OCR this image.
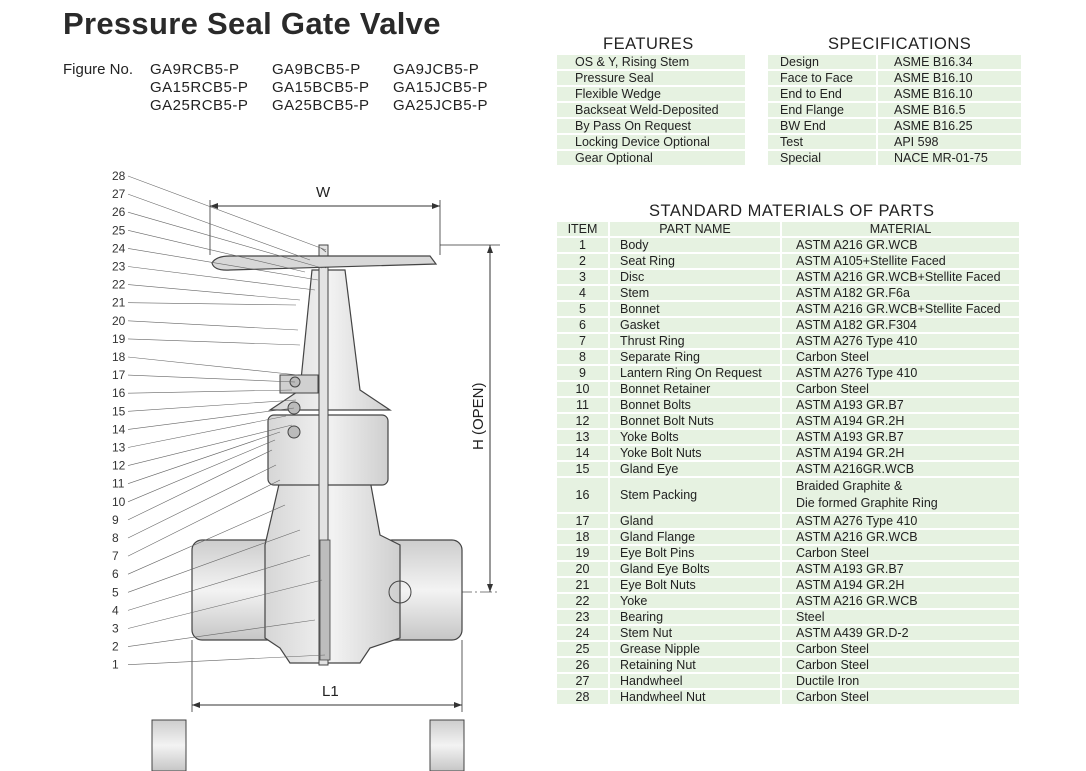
Pressure Seal Gate Valve
Figure No. GA9RCB5-P GA9BCB5-P GA9JCB5-P
GA15RCB5-P GA15BCB5-P GA15JCB5-P
GA25RCB5-P GA25BCB5-P GA25JCB5-P
FEATURES
OS & Y, Rising Stem
Pressure Seal
Flexible Wedge
Backseat Weld-Deposited
By Pass On Request
Locking Device Optional
Gear Optional
SPECIFICATIONS
Design	ASME B16.34
Face to Face	ASME B16.10
End to End	ASME B16.10
End Flange	ASME B16.5
BW End	ASME B16.25
Test	API 598
Special	NACE MR-01-75
STANDARD MATERIALS OF PARTS
ITEM	PART NAME	MATERIAL
1	Body	ASTM A216 GR.WCB
2	Seat Ring	ASTM A105+Stellite Faced
3	Disc	ASTM A216 GR.WCB+Stellite Faced
4	Stem	ASTM A182 GR.F6a
5	Bonnet	ASTM A216 GR.WCB+Stellite Faced
6	Gasket	ASTM A182 GR.F304
7	Thrust Ring	ASTM A276 Type 410
8	Separate Ring	Carbon Steel
9	Lantern Ring On Request	ASTM A276 Type 410
10	Bonnet Retainer	Carbon Steel
11	Bonnet Bolts	ASTM A193 GR.B7
12	Bonnet Bolt Nuts	ASTM A194 GR.2H
13	Yoke Bolts	ASTM A193 GR.B7
14	Yoke Bolt Nuts	ASTM A194 GR.2H
15	Gland Eye	ASTM A216GR.WCB
16	Stem Packing	Braided Graphite &
Die formed Graphite Ring

17	Gland	ASTM A276 Type 410
18	Gland Flange	ASTM A216 GR.WCB
19	Eye Bolt Pins	Carbon Steel
20	Gland Eye Bolts	ASTM A193 GR.B7
21	Eye Bolt Nuts	ASTM A194 GR.2H
22	Yoke	ASTM A216 GR.WCB
23	Bearing	Steel
24	Stem Nut	ASTM A439 GR.D-2
25	Grease Nipple	Carbon Steel
26	Retaining Nut	Carbon Steel
27	Handwheel	Ductile Iron
28	Handwheel Nut	Carbon Steel
W
H (OPEN)
L1
28
27
26
25
24
23
22
21
20
19
18
17
16
15
14
13
12
11
10
9
8
7
6
5
4
3
2
1
